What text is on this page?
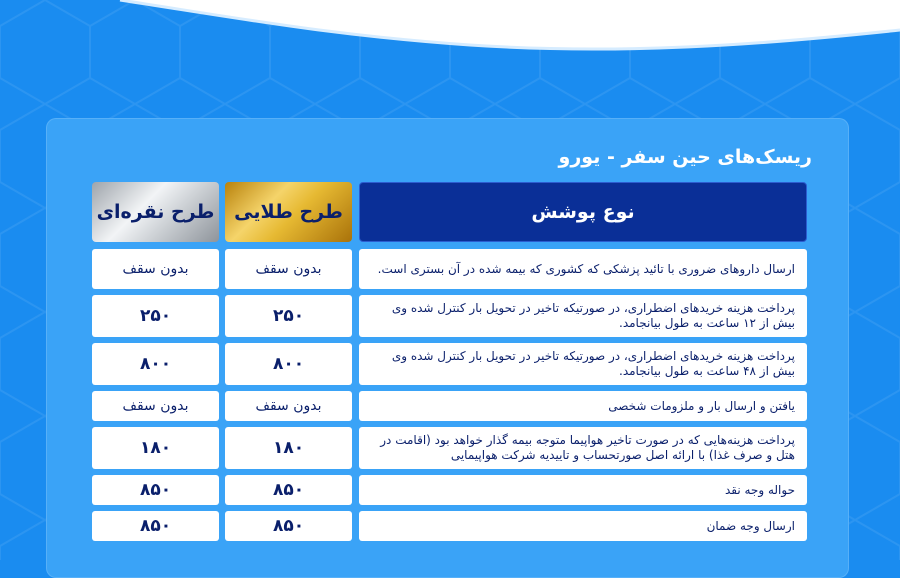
ریسک‌های حین سفر - یورو
نوع پوشش
طرح طلایی
طرح نقره‌ای
ارسال داروهای ضروری با تائید پزشکی که کشوری که بیمه شده در آن بستری است.
بدون سقف
بدون سقف
پرداخت هزینه خریدهای اضطراری، در صورتیکه تاخیر در تحویل بار کنترل شده وی بیش از ۱۲ ساعت به طول بیانجامد.
۲۵۰
۲۵۰
پرداخت هزینه خریدهای اضطراری، در صورتیکه تاخیر در تحویل بار کنترل شده وی بیش از ۴۸ ساعت به طول بیانجامد.
۸۰۰
۸۰۰
یافتن و ارسال بار و ملزومات شخصی
بدون سقف
بدون سقف
پرداخت هزینه‌هایی که در صورت تاخیر هواپیما متوجه بیمه گذار خواهد بود (اقامت در هتل و صرف غذا) با ارائه اصل صورتحساب و تاییدیه شرکت هواپیمایی
۱۸۰
۱۸۰
حواله وجه نقد
۸۵۰
۸۵۰
ارسال وجه ضمان
۸۵۰
۸۵۰
